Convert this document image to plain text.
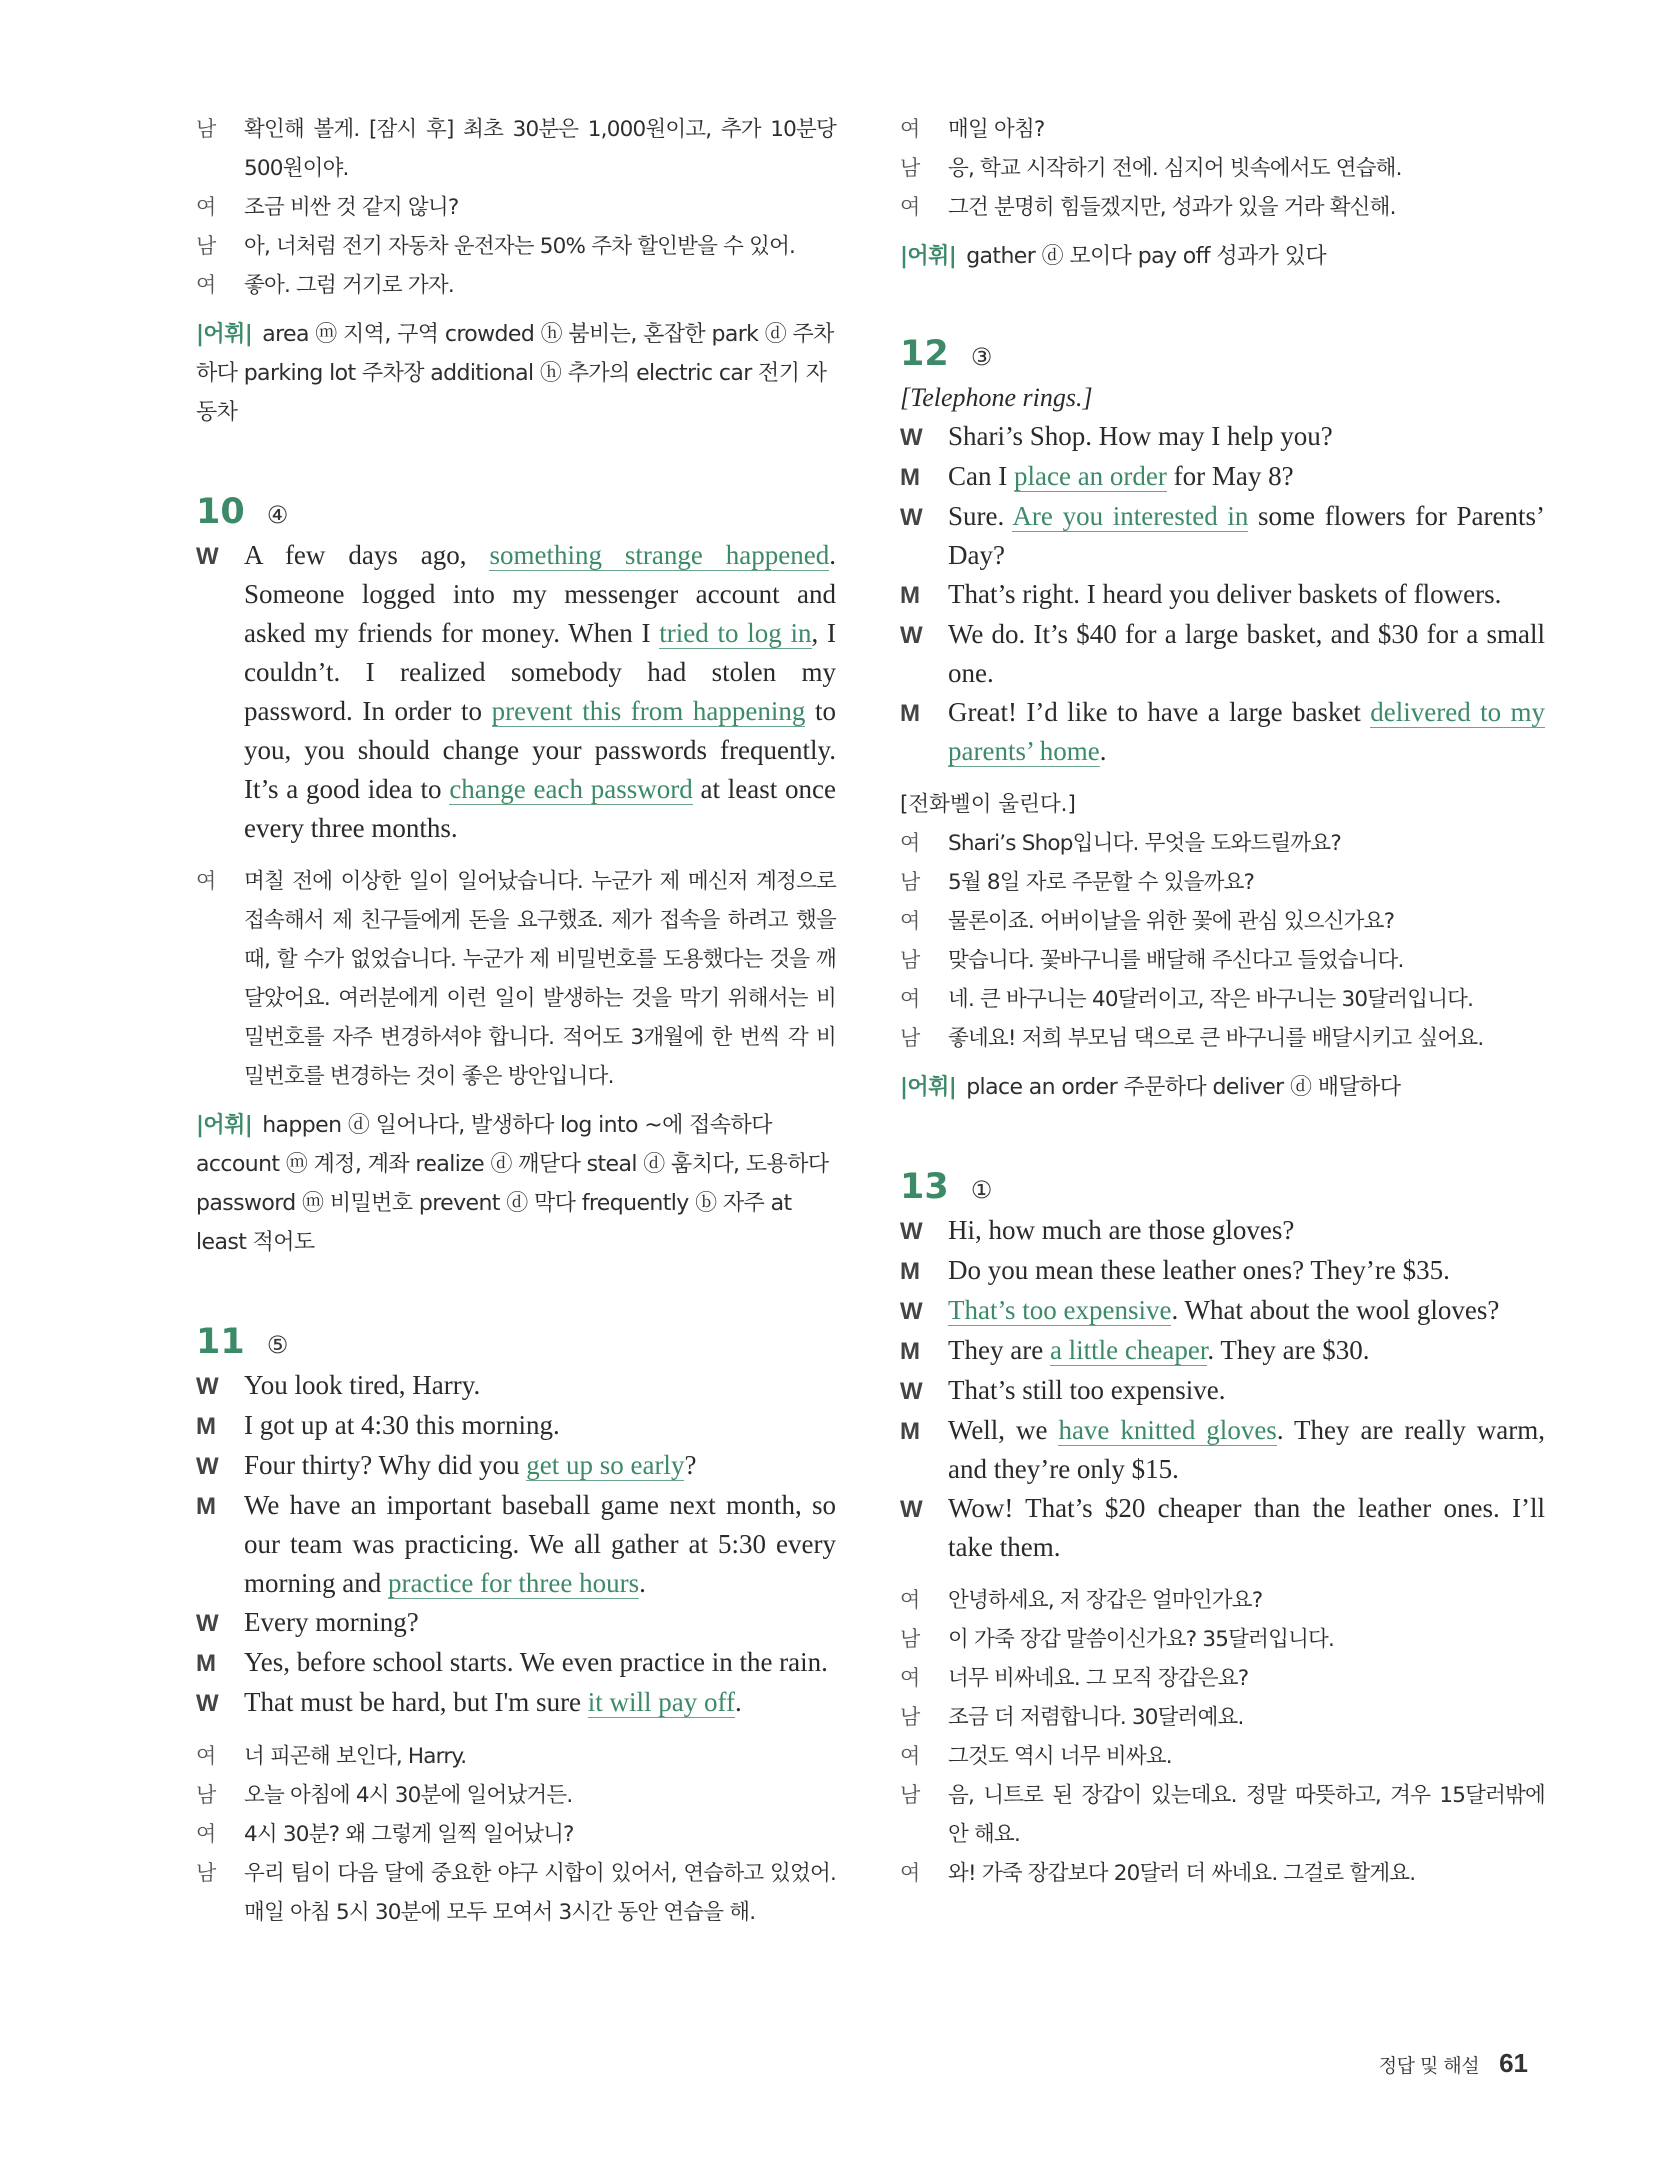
남	확인해 볼게. [잠시 후] 최초 30분은 1,000원이고, 추가 10분당 500원이야.
여	조금 비싼 것 같지 않니?
남	아, 너처럼 전기 자동차 운전자는 50% 주차 할인받을 수 있어.
여	좋아. 그럼 거기로 가자.
|어휘| area ⓜ 지역, 구역 crowded ⓗ 붐비는, 혼잡한 park ⓓ 주차하다 parking lot 주차장 additional ⓗ 추가의 electric car 전기 자동차
10 ④
W A few days ago, something strange happened. Someone logged into my messenger account and asked my friends for money. When I tried to log in, I couldn’t. I realized somebody had stolen my password. In order to prevent this from happening to you, you should change your passwords frequently. It’s a good idea to change each password at least once every three months.
여	며칠 전에 이상한 일이 일어났습니다. 누군가 제 메신저 계정으로 접속해서 제 친구들에게 돈을 요구했죠. 제가 접속을 하려고 했을 때, 할 수가 없었습니다. 누군가 제 비밀번호를 도용했다는 것을 깨달았어요. 여러분에게 이런 일이 발생하는 것을 막기 위해서는 비밀번호를 자주 변경하셔야 합니다. 적어도 3개월에 한 번씩 각 비밀번호를 변경하는 것이 좋은 방안입니다.
|어휘| happen ⓓ 일어나다, 발생하다 log into ~에 접속하다 account ⓜ 계정, 계좌 realize ⓓ 깨닫다 steal ⓓ 훔치다, 도용하다 password ⓜ 비밀번호 prevent ⓓ 막다 frequently ⓑ 자주 at least 적어도
11 ⑤
W You look tired, Harry.
M	I got up at 4:30 this morning.
W Four thirty? Why did you get up so early?
M	We have an important baseball game next month, so our team was practicing. We all gather at 5:30 every morning and practice for three hours.
W Every morning?
M	Yes, before school starts. We even practice in the rain.
W That must be hard, but I'm sure it will pay off.
여	너 피곤해 보인다, Harry.
남	오늘 아침에 4시 30분에 일어났거든.
여	4시 30분? 왜 그렇게 일찍 일어났니?
남	우리 팀이 다음 달에 중요한 야구 시합이 있어서, 연습하고 있었어. 매일 아침 5시 30분에 모두 모여서 3시간 동안 연습을 해.
여	매일 아침?
남	응, 학교 시작하기 전에. 심지어 빗속에서도 연습해.
여	그건 분명히 힘들겠지만, 성과가 있을 거라 확신해.
|어휘| gather ⓓ 모이다 pay off 성과가 있다
12 ③
[Telephone rings.]
W Shari’s Shop. How may I help you?
M	Can I place an order for May 8?
W Sure. Are you interested in some flowers for Parents’ Day?
M	That’s right. I heard you deliver baskets of flowers.
W We do. It’s $40 for a large basket, and $30 for a small one.
M	Great! I’d like to have a large basket delivered to my parents’ home.
[전화벨이 울린다.]
여	Shari’s Shop입니다. 무엇을 도와드릴까요?
남	5월 8일 자로 주문할 수 있을까요?
여	물론이죠. 어버이날을 위한 꽃에 관심 있으신가요?
남	맞습니다. 꽃바구니를 배달해 주신다고 들었습니다.
여	네. 큰 바구니는 40달러이고, 작은 바구니는 30달러입니다.
남	좋네요! 저희 부모님 댁으로 큰 바구니를 배달시키고 싶어요.
|어휘| place an order 주문하다 deliver ⓓ 배달하다
13 ①
W Hi, how much are those gloves?
M	Do you mean these leather ones? They’re $35.
W That’s too expensive. What about the wool gloves?
M	They are a little cheaper. They are $30.
W That’s still too expensive.
M	Well, we have knitted gloves. They are really warm, and they’re only $15.
W Wow! That’s $20 cheaper than the leather ones. I’ll take them.
여	안녕하세요, 저 장갑은 얼마인가요?
남	이 가죽 장갑 말씀이신가요? 35달러입니다.
여	너무 비싸네요. 그 모직 장갑은요?
남	조금 더 저렴합니다. 30달러예요.
여	그것도 역시 너무 비싸요.
남	음, 니트로 된 장갑이 있는데요. 정말 따뜻하고, 겨우 15달러밖에 안 해요.
여	와! 가죽 장갑보다 20달러 더 싸네요. 그걸로 할게요.
정답 및 해설 61
